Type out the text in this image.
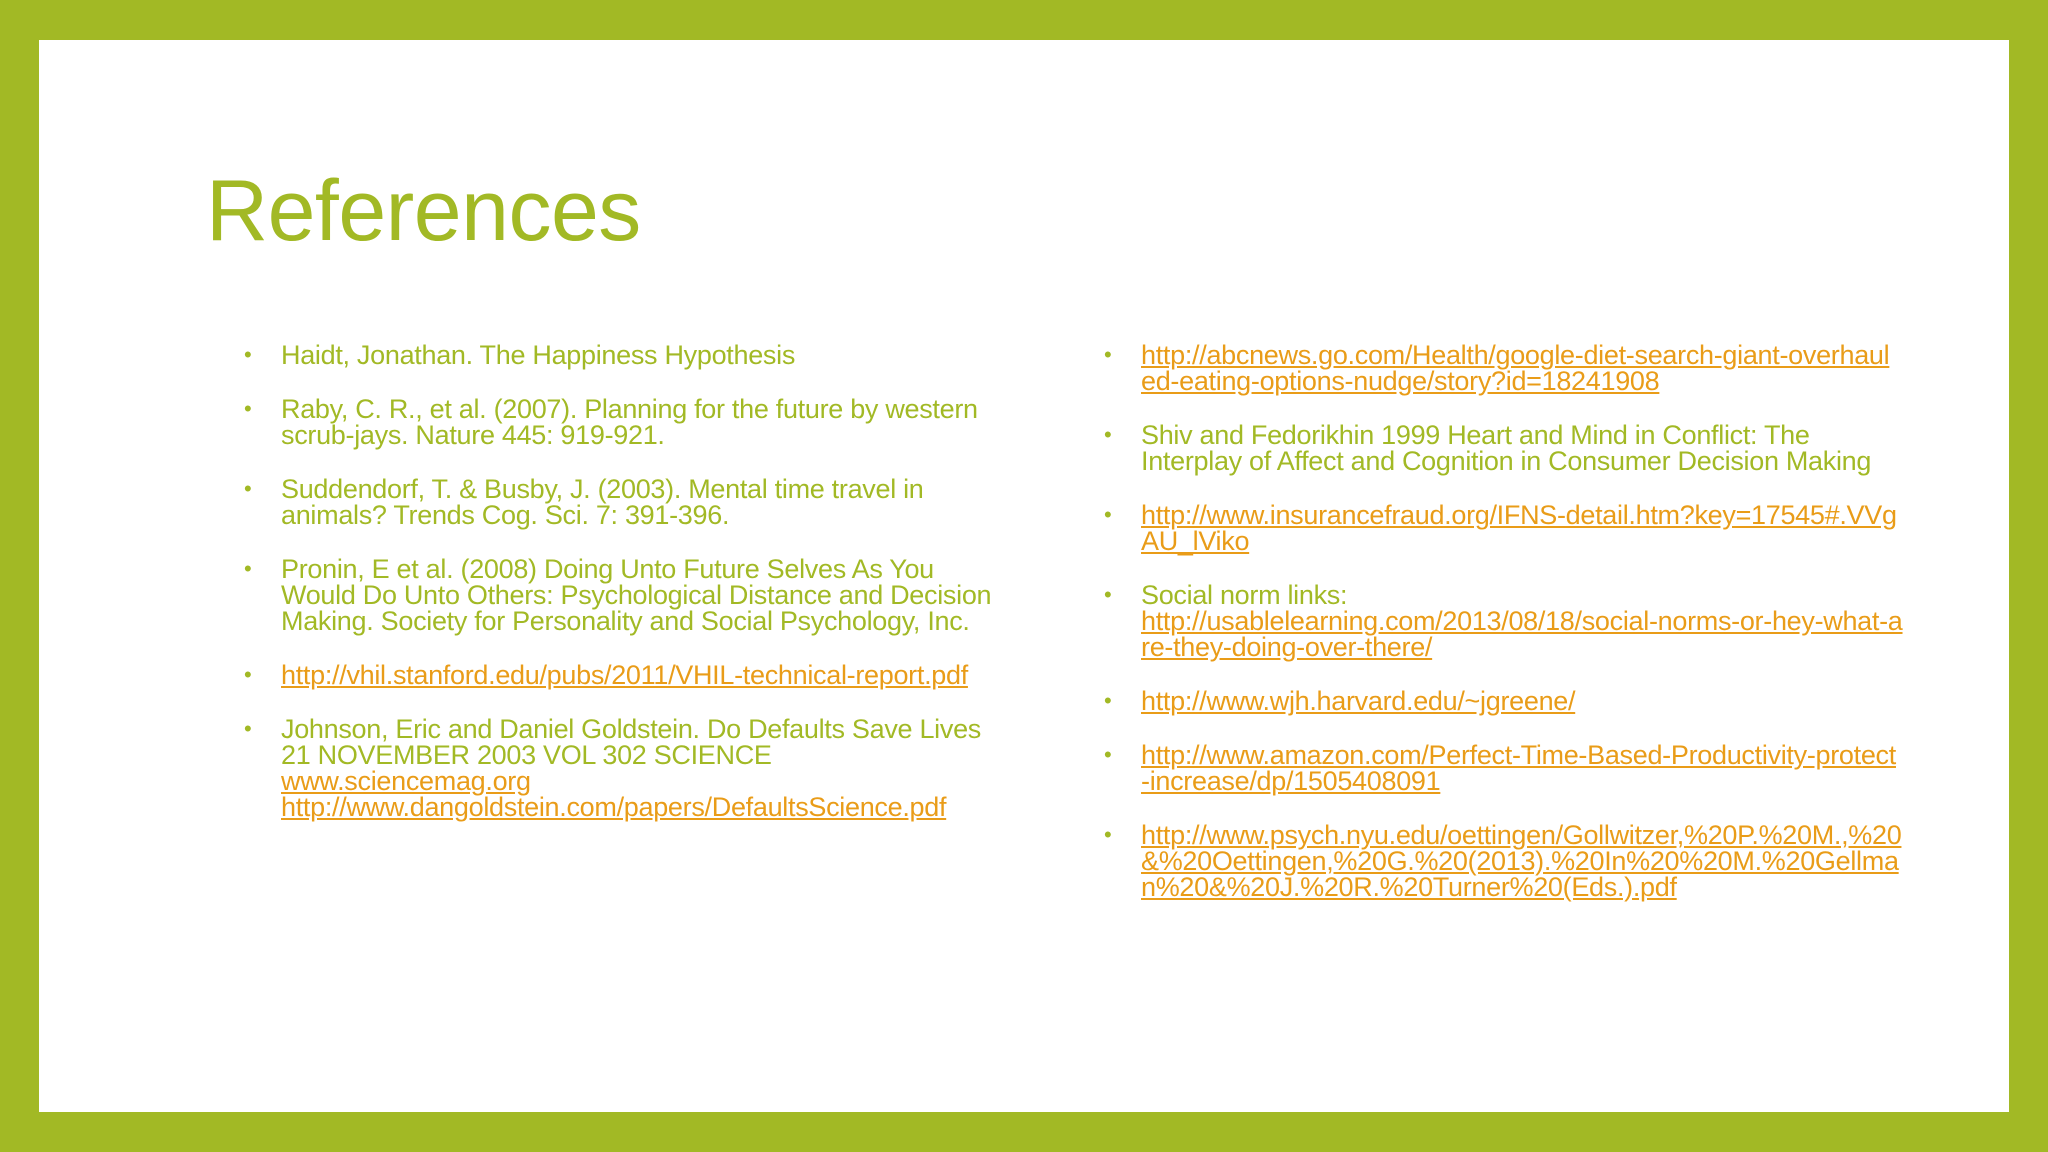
References
• Haidt, Jonathan. The Happiness Hypothesis
• Raby, C. R., et al. (2007). Planning for the future by western scrub-jays. Nature 445: 919-921.
• Suddendorf, T. & Busby, J. (2003). Mental time travel in animals? Trends Cog. Sci. 7: 391-396.
• Pronin, E et al. (2008) Doing Unto Future Selves As You Would Do Unto Others: Psychological Distance and Decision Making. Society for Personality and Social Psychology, Inc.
• http://vhil.stanford.edu/pubs/2011/VHIL-technical-report.pdf
• Johnson, Eric and Daniel Goldstein. Do Defaults Save Lives 21 NOVEMBER 2003 VOL 302 SCIENCE
www.sciencemag.org
http://www.dangoldstein.com/papers/DefaultsScience.pdf
• http://abcnews.go.com/Health/google-diet-search-giant-overhauled-eating-options-nudge/story?id=18241908
• Shiv and Fedorikhin 1999 Heart and Mind in Conflict: The Interplay of Affect and Cognition in Consumer Decision Making
• http://www.insurancefraud.org/IFNS-detail.htm?key=17545#.VVgAU_lViko
• Social norm links:
http://usablelearning.com/2013/08/18/social-norms-or-hey-what-are-they-doing-over-there/
• http://www.wjh.harvard.edu/~jgreene/
• http://www.amazon.com/Perfect-Time-Based-Productivity-protect-increase/dp/1505408091
• http://www.psych.nyu.edu/oettingen/Gollwitzer,%20P.%20M.,%20&%20Oettingen,%20G.%20(2013).%20In%20%20M.%20Gellman%20&%20J.%20R.%20Turner%20(Eds.).pdf
